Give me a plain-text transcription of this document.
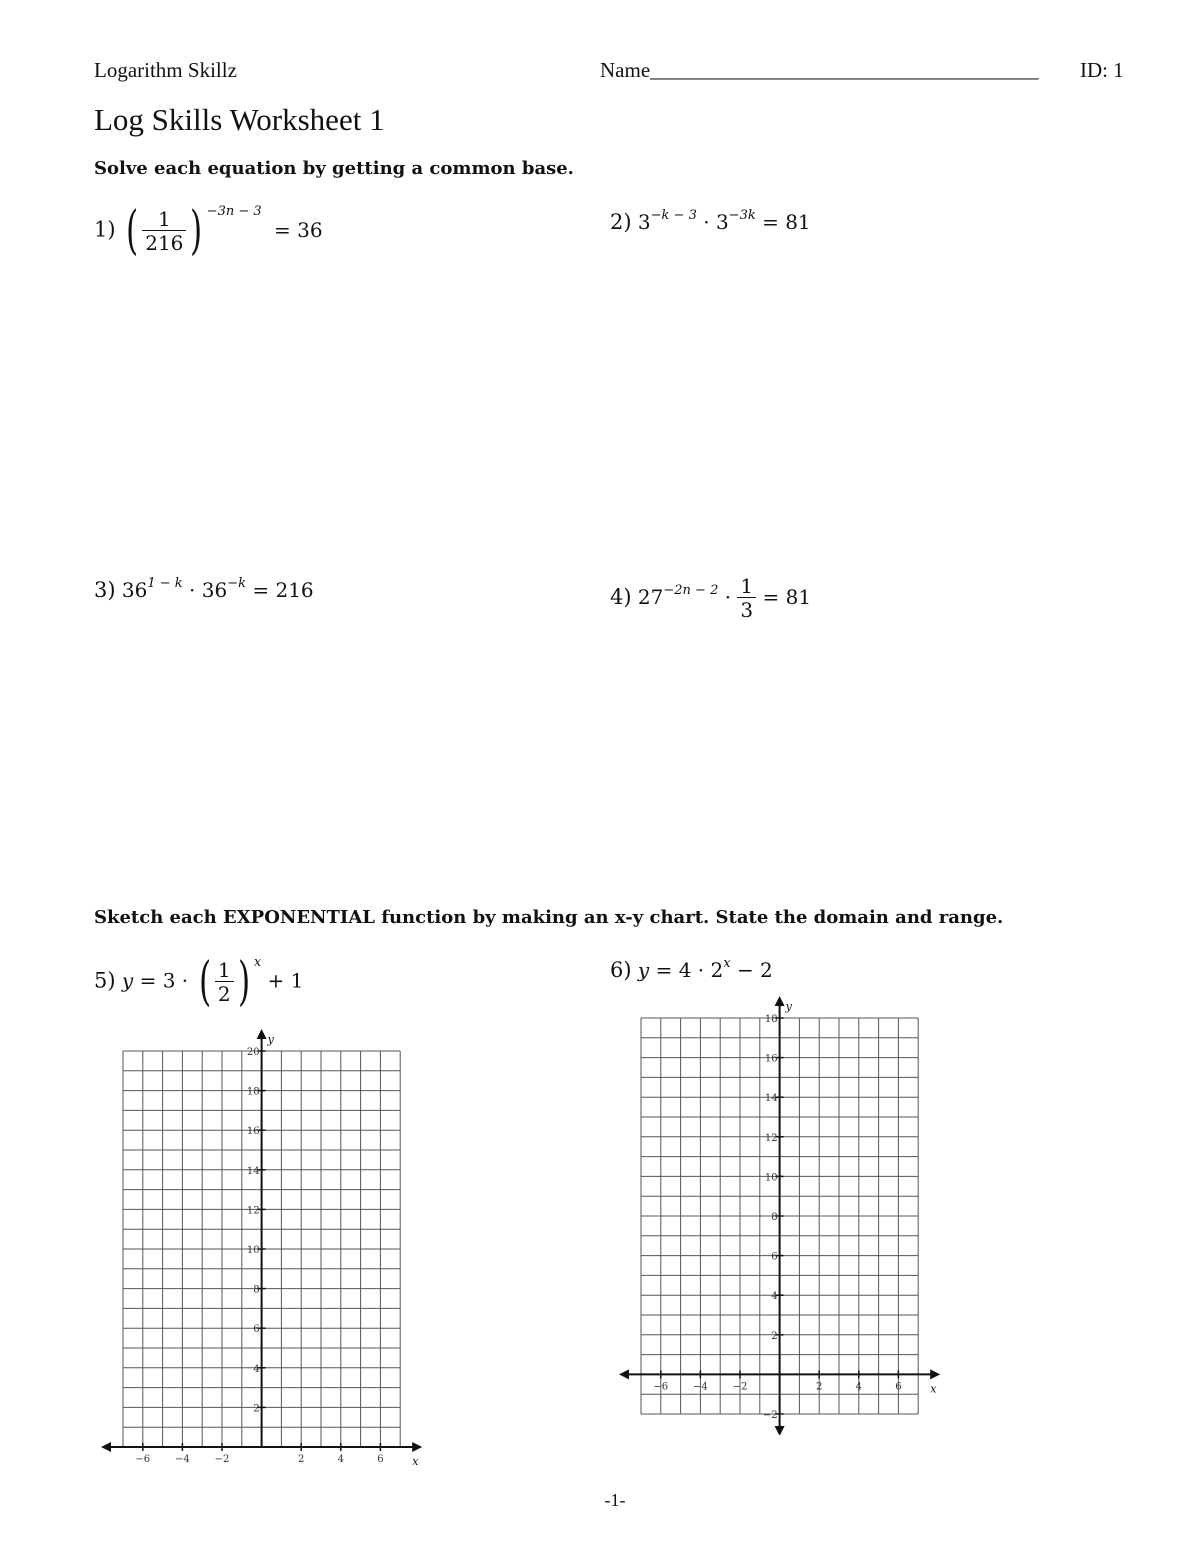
Logarithm Skillz	Name_____________________________________ ID: 1
Log Skills Worksheet 1
Solve each equation by getting a common base.
1) ( $\frac{1}{216}$ ) $^{-3n - 3}$ = 36	2) $3^{-k - 3} \cdot 3^{-3k} = 81$
3) $36^{1 - k} \cdot 36^{-k} = 216$	4) $27^{-2n - 2} \cdot \frac{1}{3} = 81$
Sketch each EXPONENTIAL function by making an x-y chart. State the domain and range.
5) y = 3 · ( $\frac{1}{2}$ ) $^x$ + 1	6) $y = 4 \cdot 2^x - 2$
x
y
−6 −4 −2	2	4	6
2
4
6
8
10
12
14
16
18
20
x
y
−6 −4 −2	2	4	6
−2
2
4
6
8
10
12
14
16
18
-1-
